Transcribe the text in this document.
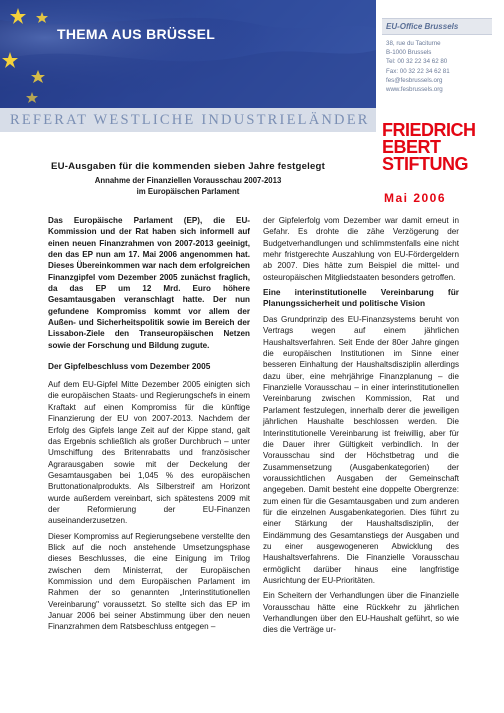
THEMA AUS BRÜSSEL
REFERAT WESTLICHE INDUSTRIELÄNDER
EU-Office Brussels
38, rue du Taciturne
B-1000 Brussels
Tel: 00 32 22 34 62 80
Fax: 00 32 22 34 62 81
fes@fesbrussels.org
www.fesbrussels.org
FRIEDRICH
EBERT
STIFTUNG
Mai 2006
EU-Ausgaben für die kommenden sieben Jahre festgelegt
Annahme der Finanziellen Vorausschau 2007-2013
im Europäischen Parlament

Das Europäische Parlament (EP), die EU-Kommission und der Rat haben sich informell auf einen neuen Finanzrahmen von 2007-2013 geeinigt, den das EP nun am 17. Mai 2006 angenommen hat. Dieses Übereinkommen war nach dem erfolgreichen Finanzgipfel vom Dezember 2005 zunächst fraglich, da das EP um 12 Mrd. Euro höhere Gesamtausgaben veranschlagt hatte. Der nun gefundene Kompromiss kommt vor allem der Außen- und Sicherheitspolitik sowie im Bereich der Lissabon-Ziele den Transeuropäischen Netzen sowie der Forschung und Bildung zugute.

Der Gipfelbeschluss vom Dezember 2005

Auf dem EU-Gipfel Mitte Dezember 2005 einigten sich die europäischen Staats- und Regierungschefs in einem Kraftakt auf einen Kompromiss für die künftige Finanzierung der EU von 2007-2013. Nachdem der Erfolg des Gipfels lange Zeit auf der Kippe stand, galt das Ergebnis schließlich als großer Durchbruch – unter Umschiffung des Britenrabatts und französischer Agrarausgaben sowie mit der Deckelung der Gesamtausgaben bei 1,045 % des europäischen Bruttonationalprodukts. Als Silberstreif am Horizont wurde außerdem vereinbart, sich spätestens 2009 mit der Reformierung der EU-Finanzen auseinanderzusetzen.

Dieser Kompromiss auf Regierungsebene verstellte den Blick auf die noch anstehende Umsetzungsphase dieses Beschlusses, die eine Einigung im Trilog zwischen dem Ministerrat, der Europäischen Kommission und dem Europäischen Parlament im Rahmen der so genannten „Interinstitutionellen Vereinbarung" voraussetzt. So stellte sich das EP im Januar 2006 bei seiner Abstimmung über den neuen Finanzrahmen dem Ratsbeschluss entgegen –

der Gipfelerfolg vom Dezember war damit erneut in Gefahr. Es drohte die zähe Verzögerung der Budgetverhandlungen und schlimmstenfalls eine nicht mehr fristgerechte Auszahlung von EU-Fördergeldern ab 2007. Dies hätte zum Beispiel die mittel- und osteuropäischen Mitgliedstaaten besonders getroffen.

Eine interinstitutionelle Vereinbarung für Planungssicherheit und politische Vision

Das Grundprinzip des EU-Finanzsystems beruht von Vertrags wegen auf einem jährlichen Haushaltsverfahren. Seit Ende der 80er Jahre gingen die europäischen Institutionen im Sinne einer besseren Einhaltung der Haushaltsdisziplin allerdings dazu über, eine mehrjährige Finanzplanung – die Finanzielle Vorausschau – in einer interinstitutionellen Vereinbarung zwischen Kommission, Rat und Parlament festzulegen, innerhalb derer die jeweiligen jährlichen Haushalte beschlossen werden. Die Interinstitutionelle Vereinbarung ist freiwillig, aber für die Dauer ihrer Gültigkeit verbindlich. In der Vorausschau sind der Höchstbetrag und die Zusammensetzung (Ausgabenkategorien) der voraussichtlichen Ausgaben der Gemeinschaft angegeben. Damit besteht eine doppelte Obergrenze: zum einen für die Gesamtausgaben und zum anderen für die einzelnen Ausgabenkategorien. Dies führt zu einer Stärkung der Haushaltsdisziplin, der Eindämmung des Gesamtanstiegs der Ausgaben und zu einer ausgewogeneren Abwicklung des Haushaltsverfahrens. Die Finanzielle Vorausschau ermöglicht darüber hinaus eine langfristige Ausrichtung der EU-Prioritäten.

Ein Scheitern der Verhandlungen über die Finanzielle Vorausschau hätte eine Rückkehr zu jährlichen Verhandlungen über den EU-Haushalt geführt, so wie dies die Verträge ur-
